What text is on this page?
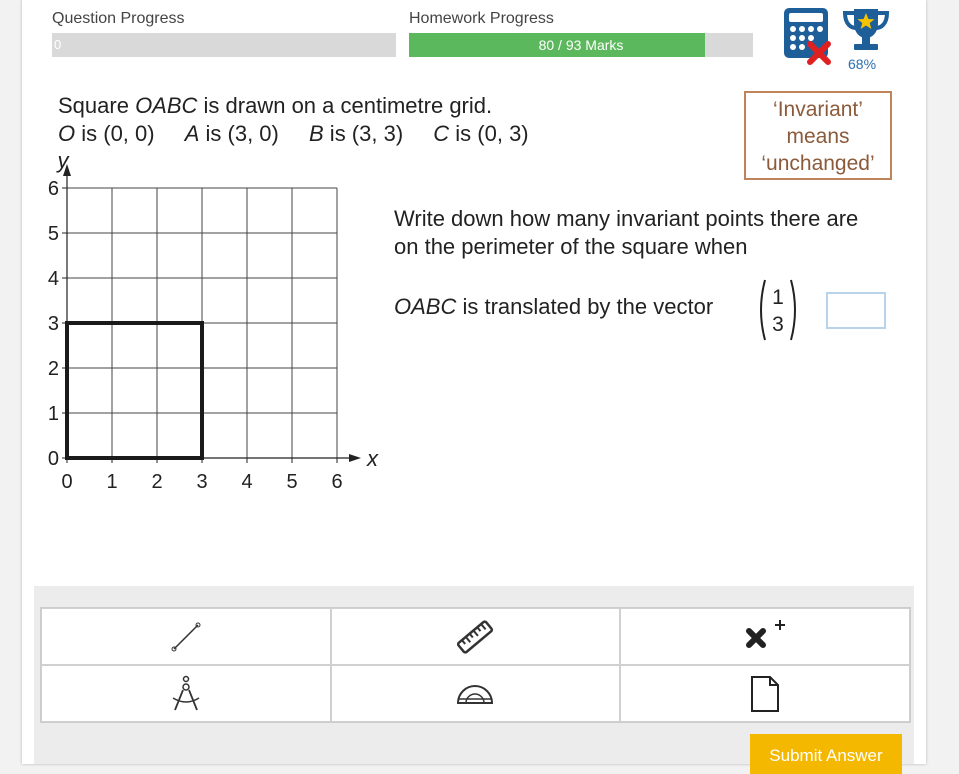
Question Progress
0
Homework Progress
80 / 93 Marks
68%
Square OABC is drawn on a centimetre grid.
O is (0, 0) A is (3, 0) B is (3, 3) C is (0, 3)
‘Invariant’
means
‘unchanged’
0 1 2 3 4 5 6
0
1
2
3
4
5
6
x
y
Write down how many invariant points there are
on the perimeter of the square when
OABC is translated by the vector	1
3
Submit Answer
